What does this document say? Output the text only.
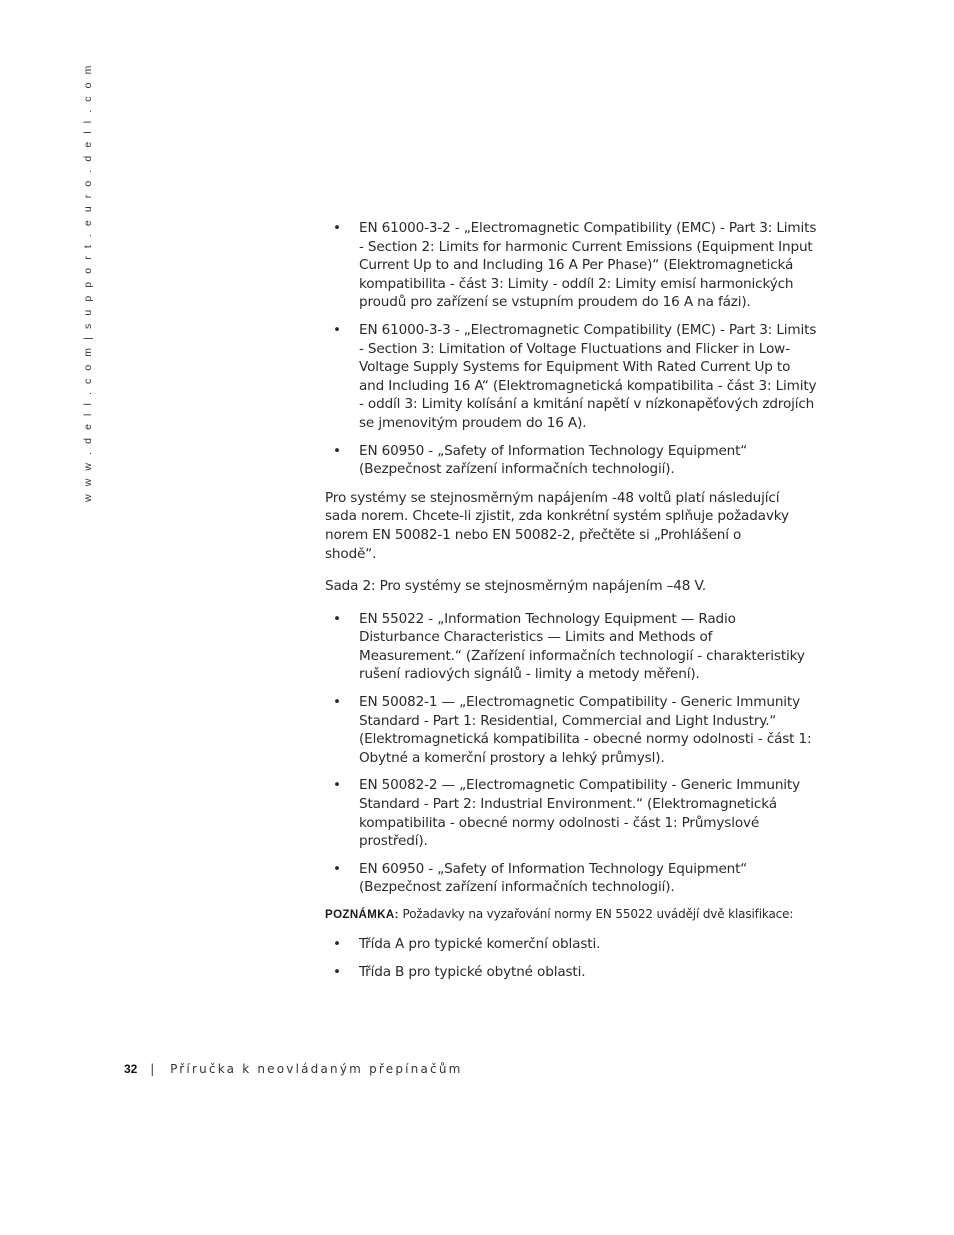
w w w . d e l l . c o m | s u p p o r t . e u r o . d e l l . c o m	• EN 61000-3-2 - „Electromagnetic Compatibility (EMC) - Part 3: Limits - Section 2: Limits for harmonic Current Emissions (Equipment Input Current Up to and Including 16 A Per Phase)“ (Elektromagnetická kompatibilita - část 3: Limity - oddíl 2: Limity emisí harmonických proudů pro zařízení se vstupním proudem do 16 A na fázi).
• EN 61000-3-3 - „Electromagnetic Compatibility (EMC) - Part 3: Limits - Section 3: Limitation of Voltage Fluctuations and Flicker in Low-Voltage Supply Systems for Equipment With Rated Current Up to and Including 16 A“ (Elektromagnetická kompatibilita - část 3: Limity - oddíl 3: Limity kolísání a kmitání napětí v nízkonapěťových zdrojích se jmenovitým proudem do 16 A).
• EN 60950 - „Safety of Information Technology Equipment“ (Bezpečnost zařízení informačních technologií).

Pro systémy se stejnosměrným napájením -48 voltů platí následující sada norem. Chcete-li zjistit, zda konkrétní systém splňuje požadavky norem EN 50082-1 nebo EN 50082-2, přečtěte si „Prohlášení o shodě“.

Sada 2: Pro systémy se stejnosměrným napájením –48 V.

• EN 55022 - „Information Technology Equipment — Radio Disturbance Characteristics — Limits and Methods of Measurement.“ (Zařízení informačních technologií - charakteristiky rušení radiových signálů - limity a metody měření).
• EN 50082-1 — „Electromagnetic Compatibility - Generic Immunity Standard - Part 1: Residential, Commercial and Light Industry.“ (Elektromagnetická kompatibilita - obecné normy odolnosti - část 1: Obytné a komerční prostory a lehký průmysl).
• EN 50082-2 — „Electromagnetic Compatibility - Generic Immunity Standard - Part 2: Industrial Environment.“ (Elektromagnetická kompatibilita - obecné normy odolnosti - část 1: Průmyslové prostředí).
• EN 60950 - „Safety of Information Technology Equipment“ (Bezpečnost zařízení informačních technologií).

POZNÁMKA: Požadavky na vyzařování normy EN 55022 uvádějí dvě klasifikace:

• Třída A pro typické komerční oblasti.
• Třída B pro typické obytné oblasti.
32 | Příručka k neovládaným přepínačům
